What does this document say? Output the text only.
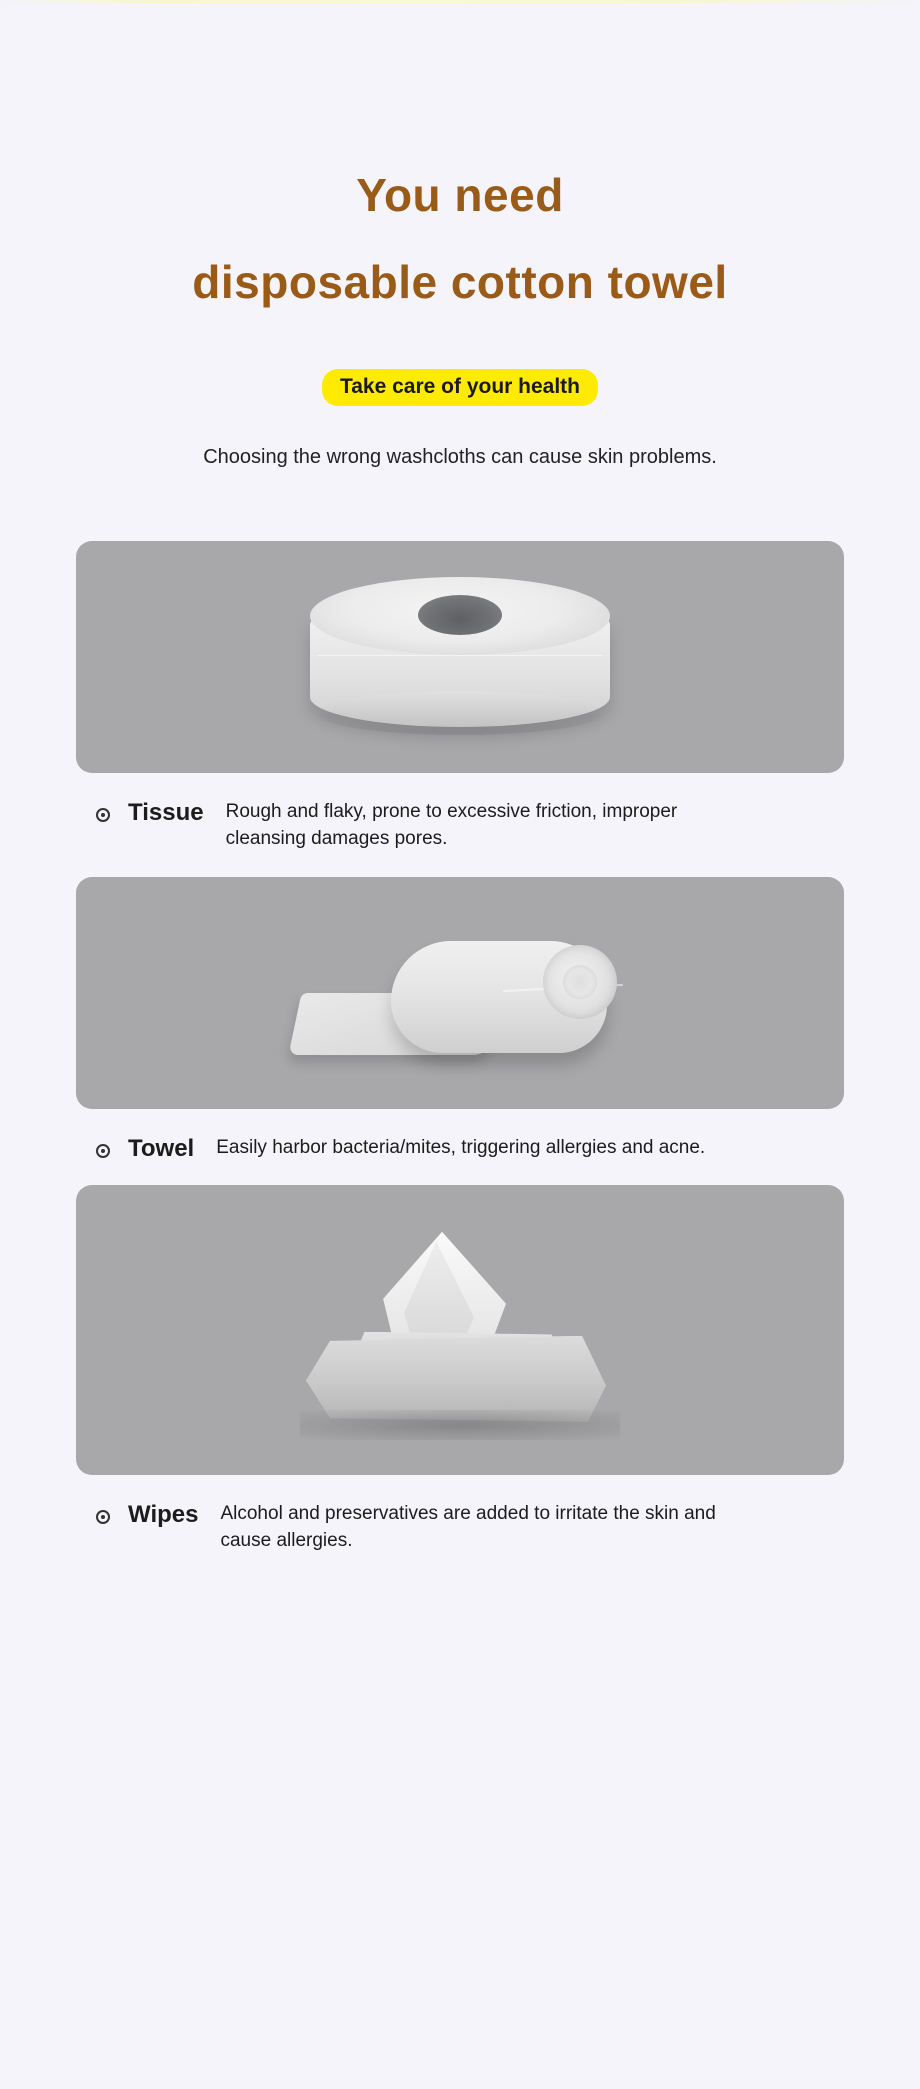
You need
disposable cotton towel
Take care of your health
Choosing the wrong washcloths can cause skin problems.
Tissue Rough and flaky, prone to excessive friction, improper cleansing damages pores.
Towel Easily harbor bacteria/mites, triggering allergies and acne.
Wipes Alcohol and preservatives are added to irritate the skin and cause allergies.
